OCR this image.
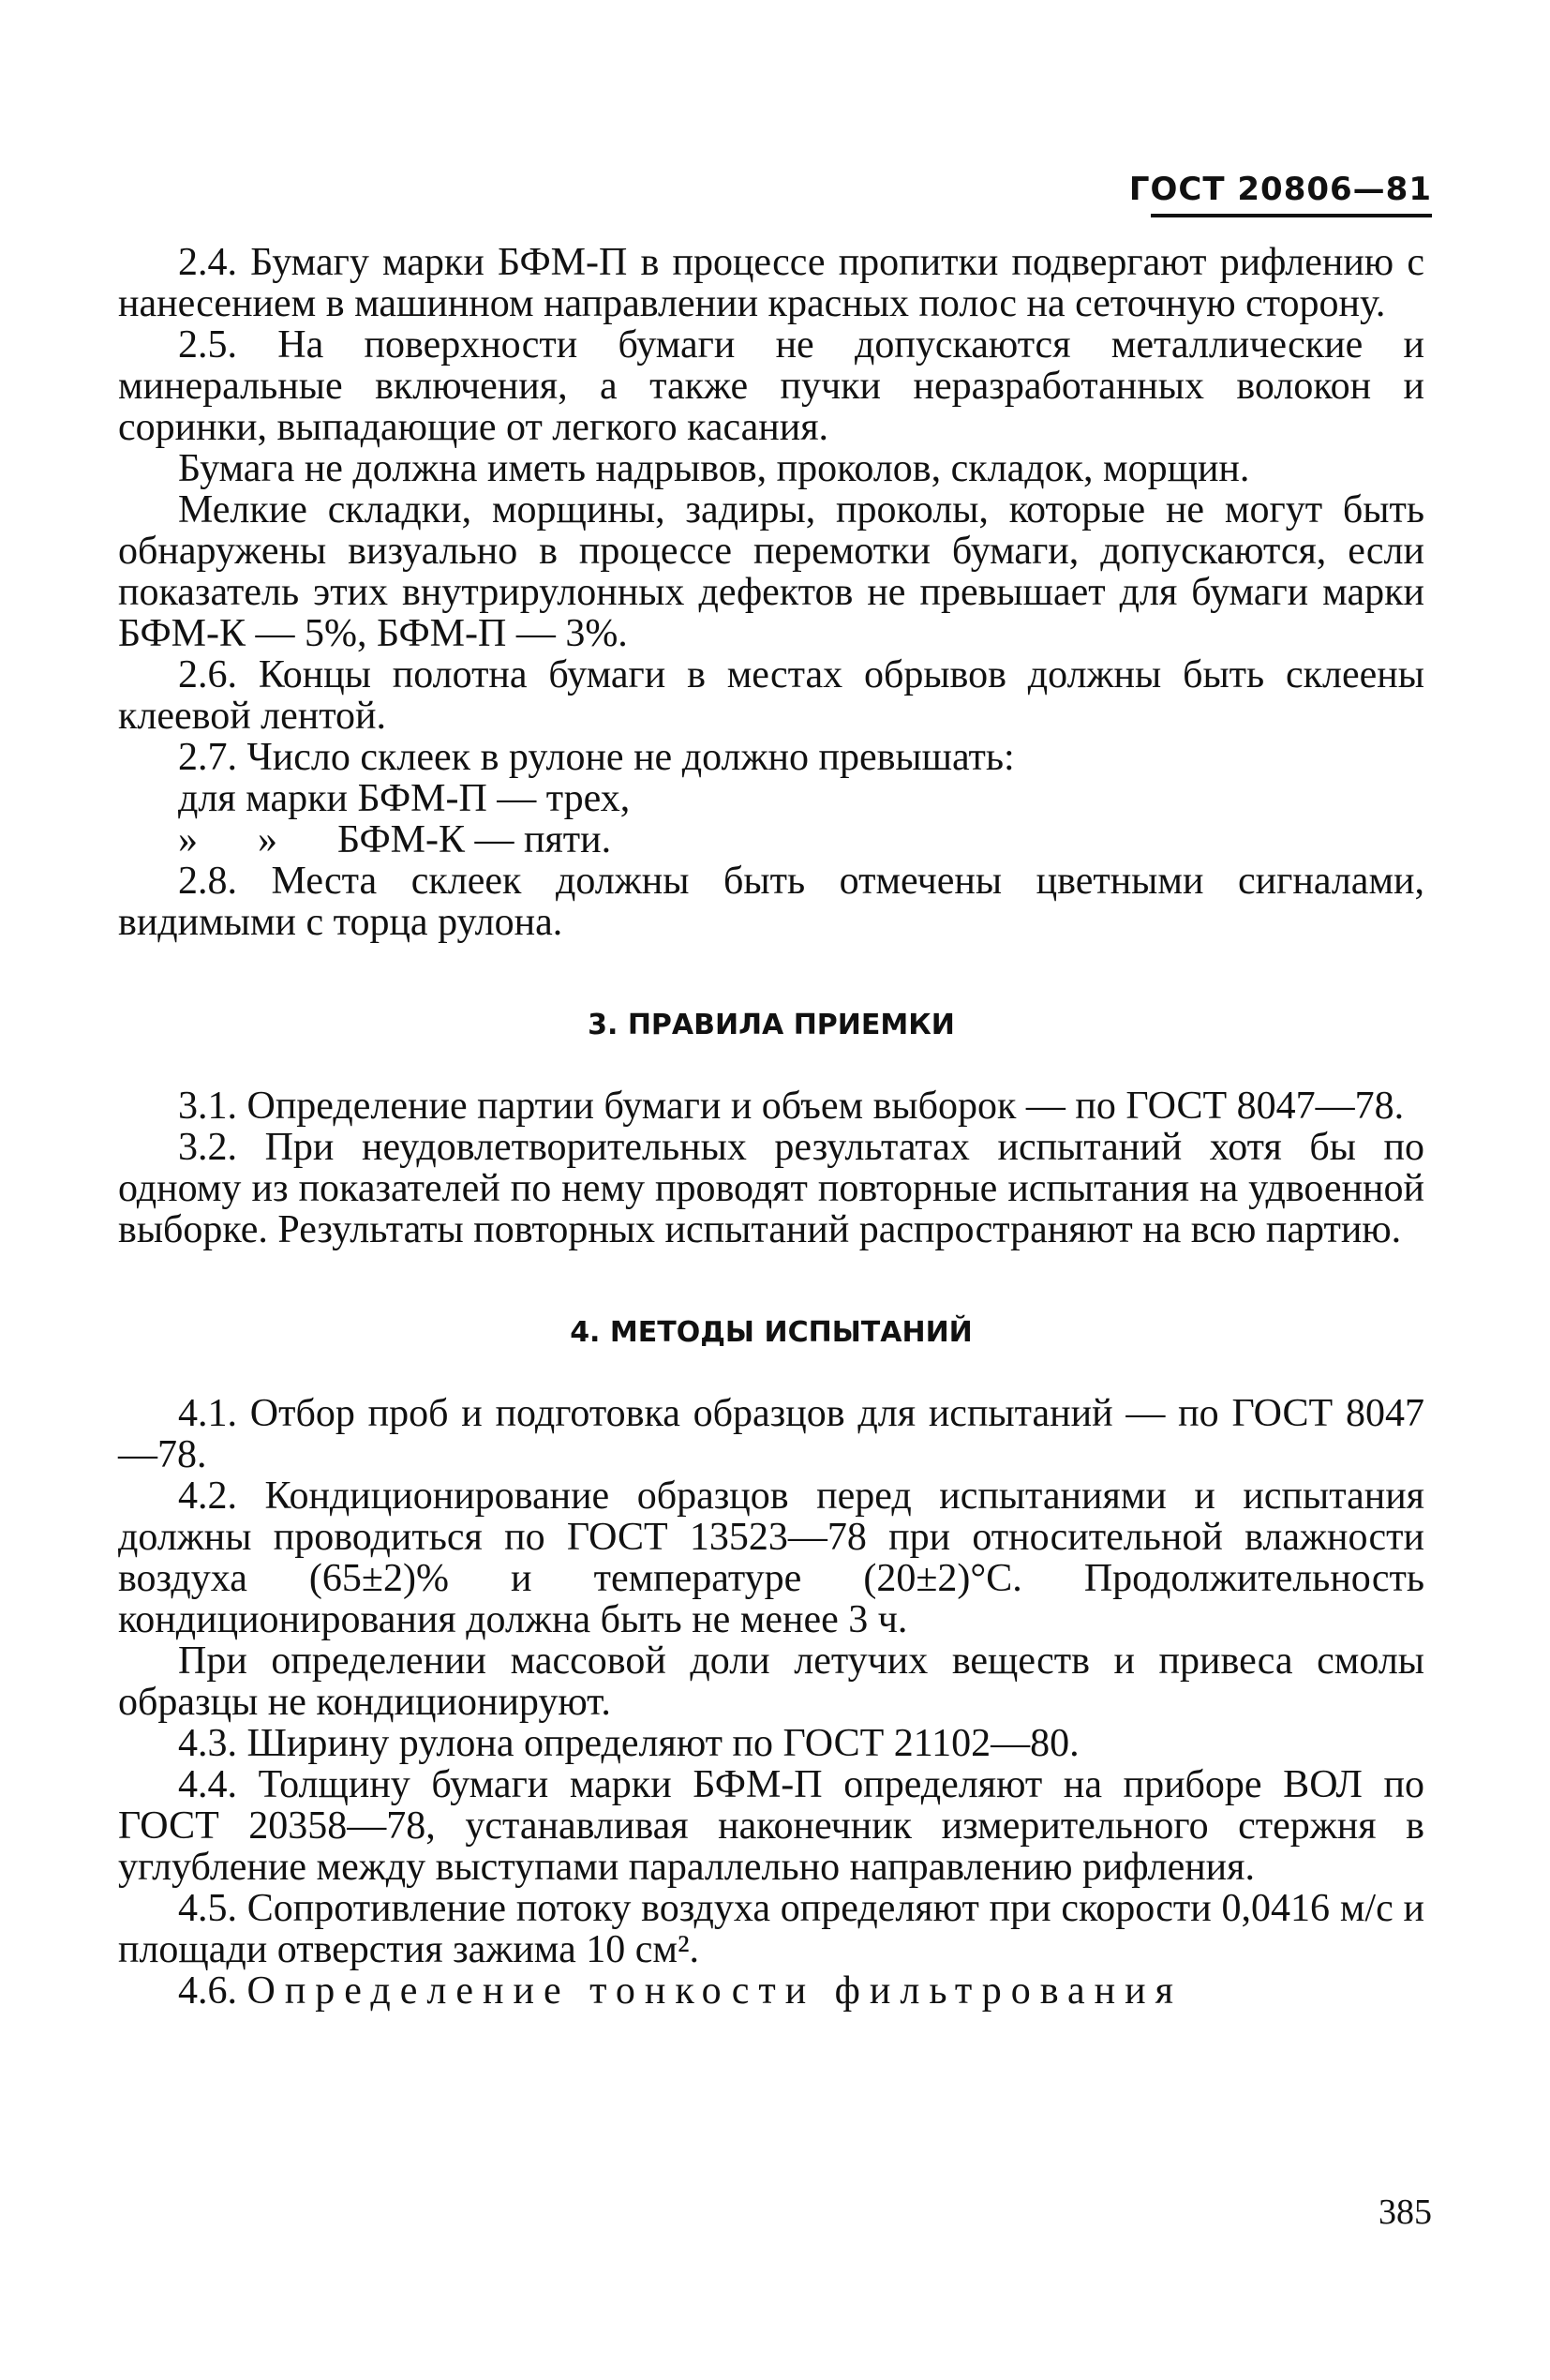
ГОСТ 20806—81

2.4. Бумагу марки БФМ-П в процессе пропитки подвергают рифлению с нанесением в машинном направлении красных полос на сеточную сторону.

2.5. На поверхности бумаги не допускаются металлические и минеральные включения, а также пучки неразработанных волокон и соринки, выпадающие от легкого касания.

Бумага не должна иметь надрывов, проколов, складок, морщин.

Мелкие складки, морщины, задиры, проколы, которые не могут быть обнаружены визуально в процессе перемотки бумаги, допускаются, если показатель этих внутрирулонных дефектов не превышает для бумаги марки БФМ-К — 5%, БФМ-П — 3%.

2.6. Концы полотна бумаги в местах обрывов должны быть склеены клеевой лентой.

2.7. Число склеек в рулоне не должно превышать:

для марки БФМ-П — трех,

» » БФМ-К — пяти.

2.8. Места склеек должны быть отмечены цветными сигналами, видимыми с торца рулона.

3. ПРАВИЛА ПРИЕМКИ

3.1. Определение партии бумаги и объем выборок — по ГОСТ 8047—78.

3.2. При неудовлетворительных результатах испытаний хотя бы по одному из показателей по нему проводят повторные испытания на удвоенной выборке. Результаты повторных испытаний распространяют на всю партию.

4. МЕТОДЫ ИСПЫТАНИЙ

4.1. Отбор проб и подготовка образцов для испытаний — по ГОСТ 8047—78.

4.2. Кондиционирование образцов перед испытаниями и испытания должны проводиться по ГОСТ 13523—78 при относительной влажности воздуха (65±2)% и температуре (20±2)°С. Продолжительность кондиционирования должна быть не менее 3 ч.

При определении массовой доли летучих веществ и привеса смолы образцы не кондиционируют.

4.3. Ширину рулона определяют по ГОСТ 21102—80.

4.4. Толщину бумаги марки БФМ-П определяют на приборе ВОЛ по ГОСТ 20358—78, устанавливая наконечник измерительного стержня в углубление между выступами параллельно направлению рифления.

4.5. Сопротивление потоку воздуха определяют при скорости 0,0416 м/с и площади отверстия зажима 10 см².

4.6. Определение тонкости фильтрования

385
